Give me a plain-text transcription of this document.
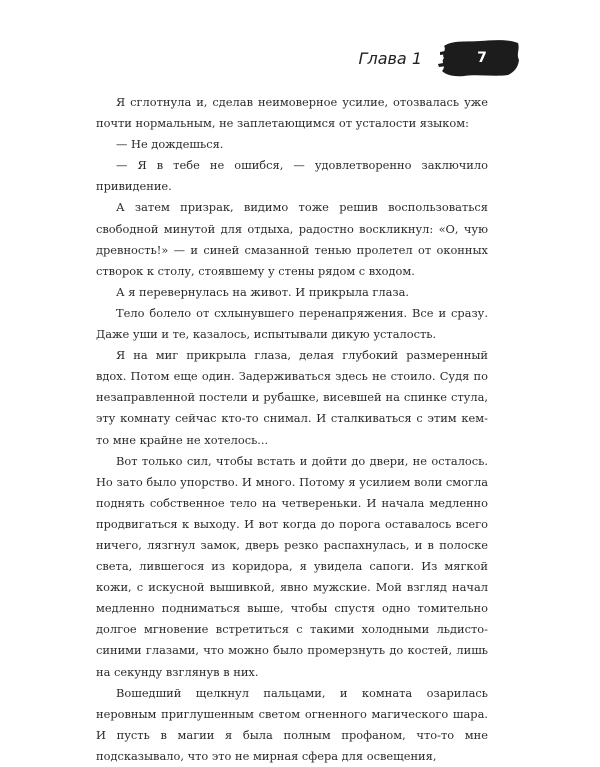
Глава 1	7

Я сглотнула и, сделав неимоверное усилие, отозвалась уже почти нормальным, не заплетающимся от усталости языком:

— Не дождешься.

— Я в тебе не ошибся, — удовлетворенно заключило привидение.

А затем призрак, видимо тоже решив воспользоваться свободной минутой для отдыха, радостно воскликнул: «О, чую древность!» — и синей смазанной тенью пролетел от оконных створок к столу, стоявшему у стены рядом с входом.

А я перевернулась на живот. И прикрыла глаза.

Тело болело от схлынувшего перенапряжения. Все и сразу. Даже уши и те, казалось, испытывали дикую усталость.

Я на миг прикрыла глаза, делая глубокий размеренный вдох. Потом еще один. Задерживаться здесь не стоило. Судя по незаправленной постели и рубашке, висевшей на спинке стула, эту комнату сейчас кто-то снимал. И сталкиваться с этим кем-то мне крайне не хотелось...

Вот только сил, чтобы встать и дойти до двери, не осталось. Но зато было упорство. И много. Потому я усилием воли смогла поднять собственное тело на четвереньки. И начала медленно продвигаться к выходу. И вот когда до порога оставалось всего ничего, лязгнул замок, дверь резко распахнулась, и в полоске света, лившегося из коридора, я увидела сапоги. Из мягкой кожи, с искусной вышивкой, явно мужские. Мой взгляд начал медленно подниматься выше, чтобы спустя одно томительно долгое мгновение встретиться с такими холодными льдисто-синими глазами, что можно было промерзнуть до костей, лишь на секунду взглянув в них.

Вошедший щелкнул пальцами, и комната озарилась неровным приглушенным светом огненного магического шара. И пусть в магии я была полным профаном, что-то мне подсказывало, что это не мирная сфера для освещения,
